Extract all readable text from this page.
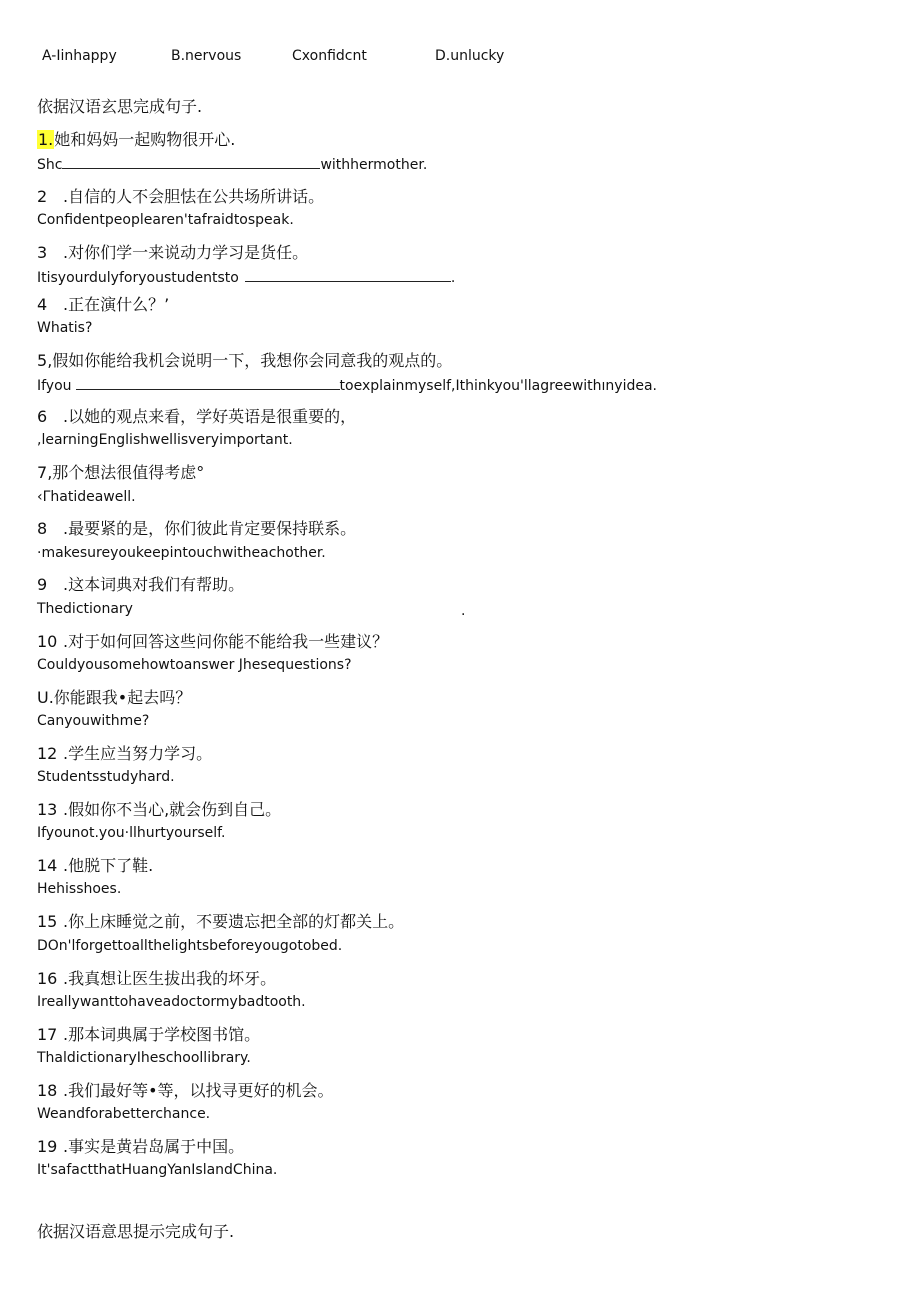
A-Iinhappy	B.nervous	Cxonfidcnt	D.unlucky
依据汉语玄思完成句子.
1.她和妈妈一起购物很开心.
Shc	withhermother.
2 .自信的人不会胆怯在公共场所讲话。
Confidentpeoplearen'tafraidtospeak.
3 .对你们学一来说动力学习是货任。
Itisyourdulyforyoustudentsto	.
4 .正在演什么？’
Whatis?
5,假如你能给我机会说明一下，我想你会同意我的观点的。
Ifyou	toexplainmyself,Ithinkyou'llagreewithınyidea.
6 .以她的观点来看，学好英语是很重要的，
,learningEnglishwellisveryimportant.
7,那个想法很值得考虑°
‹Γhatideawell.
8 .最要紧的是，你们彼此肯定要保持联系。
·makesureyoukeepintouchwitheachother.
9 .这本词典对我们有帮助。
Thedictionary	.
10 .对于如何回答这些问你能不能给我一些建议？
Couldyousomehowtoanswer Jhesequestions?
U.你能跟我•起去吗？
Canyouwithme?
12 .学生应当努力学习。
Studentsstudyhard.
13 .假如你不当心,就会伤到自己。
Ifyounot.you·llhurtyourself.
14 .他脱下了鞋.
Hehisshoes.
15 .你上床睡觉之前，不要遗忘把全部的灯都关上。
DOn'lforgettoallthelightsbeforeyougotobed.
16 .我真想让医生拔出我的坏牙。
Ireallywanttohaveadoctormybadtooth.
17 .那本词典属于学校图书馆。
ThaldictionaryIheschoollibrary.
18 .我们最好等•等，以找寻更好的机会。
Weandforabetterchance.
19 .事实是黄岩岛属于中国。
It'safactthatHuangYanIslandChina.
依据汉语意思提示完成句子.
